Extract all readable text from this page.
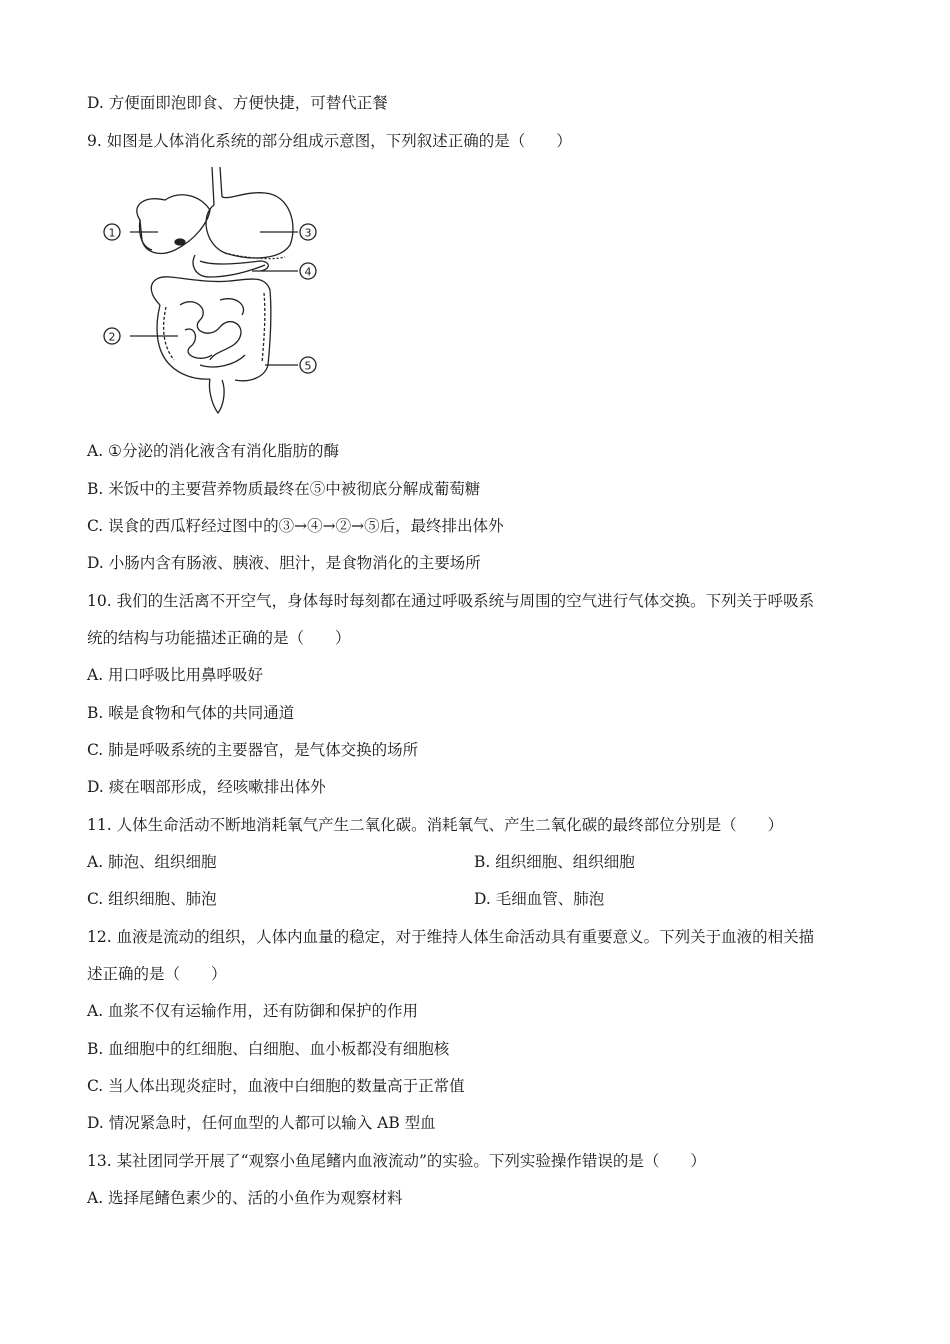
D. 方便面即泡即食、方便快捷，可替代正餐
9. 如图是人体消化系统的部分组成示意图，下列叙述正确的是（　　）
1
2
3
4
5
A. ①分泌的消化液含有消化脂肪的酶
B. 米饭中的主要营养物质最终在⑤中被彻底分解成葡萄糖
C. 误食的西瓜籽经过图中的③→④→②→⑤后，最终排出体外
D. 小肠内含有肠液、胰液、胆汁，是食物消化的主要场所
10. 我们的生活离不开空气，身体每时每刻都在通过呼吸系统与周围的空气进行气体交换。下列关于呼吸系
统的结构与功能描述正确的是（　　）
A. 用口呼吸比用鼻呼吸好
B. 喉是食物和气体的共同通道
C. 肺是呼吸系统的主要器官，是气体交换的场所
D. 痰在咽部形成，经咳嗽排出体外
11. 人体生命活动不断地消耗氧气产生二氧化碳。消耗氧气、产生二氧化碳的最终部位分别是（　　）
A. 肺泡、组织细胞	B. 组织细胞、组织细胞
C. 组织细胞、肺泡	D. 毛细血管、肺泡
12. 血液是流动的组织，人体内血量的稳定，对于维持人体生命活动具有重要意义。下列关于血液的相关描
述正确的是（　　）
A. 血浆不仅有运输作用，还有防御和保护的作用
B. 血细胞中的红细胞、白细胞、血小板都没有细胞核
C. 当人体出现炎症时，血液中白细胞的数量高于正常值
D. 情况紧急时，任何血型的人都可以输入 AB 型血
13. 某社团同学开展了“观察小鱼尾鳍内血液流动”的实验。下列实验操作错误的是（　　）
A. 选择尾鳍色素少的、活的小鱼作为观察材料
